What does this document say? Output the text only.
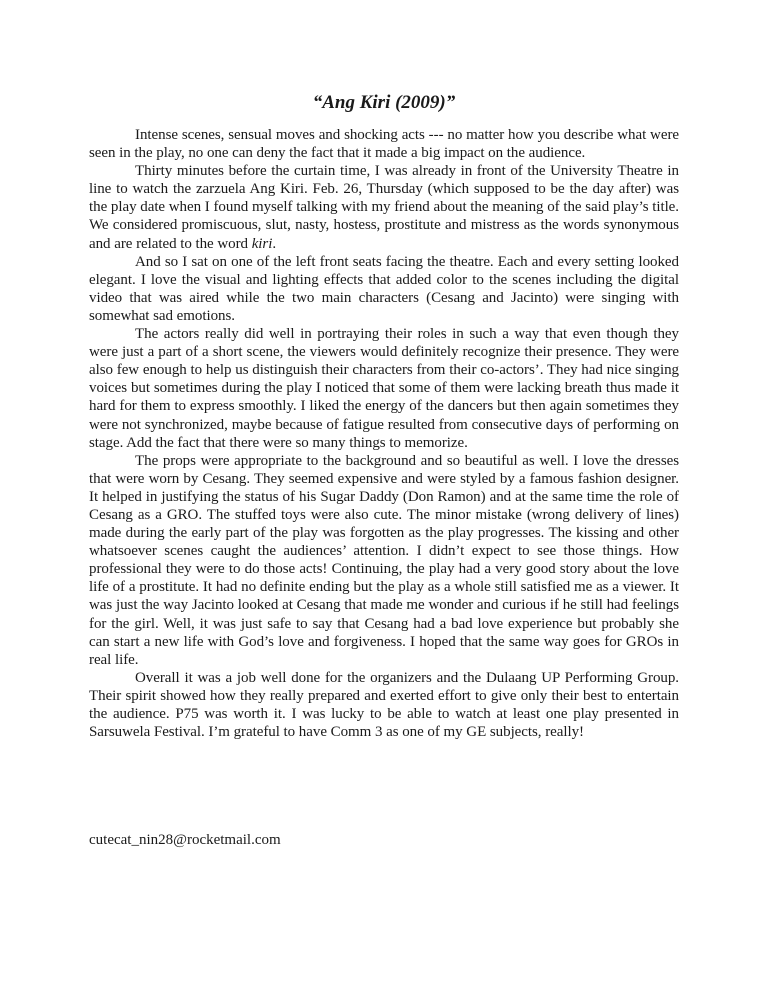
“Ang Kiri (2009)”

Intense scenes, sensual moves and shocking acts --- no matter how you describe what were seen in the play, no one can deny the fact that it made a big impact on the audience.

Thirty minutes before the curtain time, I was already in front of the University Theatre in line to watch the zarzuela Ang Kiri. Feb. 26, Thursday (which supposed to be the day after) was the play date when I found myself talking with my friend about the meaning of the said play’s title. We considered promiscuous, slut, nasty, hostess, prostitute and mistress as the words synonymous and are related to the word kiri.

And so I sat on one of the left front seats facing the theatre. Each and every setting looked elegant. I love the visual and lighting effects that added color to the scenes including the digital video that was aired while the two main characters (Cesang and Jacinto) were singing with somewhat sad emotions.

The actors really did well in portraying their roles in such a way that even though they were just a part of a short scene, the viewers would definitely recognize their presence. They were also few enough to help us distinguish their characters from their co-actors’. They had nice singing voices but sometimes during the play I noticed that some of them were lacking breath thus made it hard for them to express smoothly. I liked the energy of the dancers but then again sometimes they were not synchronized, maybe because of fatigue resulted from consecutive days of performing on stage. Add the fact that there were so many things to memorize.

The props were appropriate to the background and so beautiful as well. I love the dresses that were worn by Cesang. They seemed expensive and were styled by a famous fashion designer. It helped in justifying the status of his Sugar Daddy (Don Ramon) and at the same time the role of Cesang as a GRO. The stuffed toys were also cute. The minor mistake (wrong delivery of lines) made during the early part of the play was forgotten as the play progresses. The kissing and other whatsoever scenes caught the audiences’ attention. I didn’t expect to see those things. How professional they were to do those acts! Continuing, the play had a very good story about the love life of a prostitute. It had no definite ending but the play as a whole still satisfied me as a viewer. It was just the way Jacinto looked at Cesang that made me wonder and curious if he still had feelings for the girl. Well, it was just safe to say that Cesang had a bad love experience but probably she can start a new life with God’s love and forgiveness. I hoped that the same way goes for GROs in real life.

Overall it was a job well done for the organizers and the Dulaang UP Performing Group. Their spirit showed how they really prepared and exerted effort to give only their best to entertain the audience. P75 was worth it. I was lucky to be able to watch at least one play presented in Sarsuwela Festival. I’m grateful to have Comm 3 as one of my GE subjects, really!

cutecat_nin28@rocketmail.com
